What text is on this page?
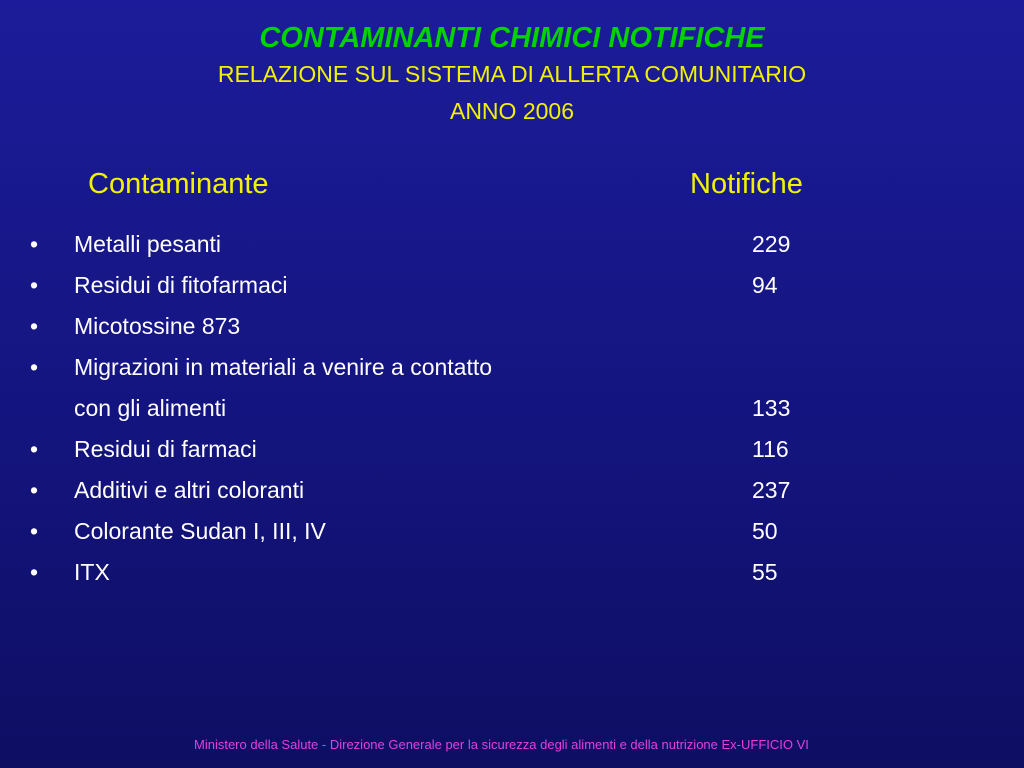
CONTAMINANTI CHIMICI NOTIFICHE
RELAZIONE SUL SISTEMA DI ALLERTA COMUNITARIO
ANNO 2006
Contaminante	Notifiche
• Metalli pesanti	229
• Residui di fitofarmaci	94
• Micotossine 873
• Migrazioni in materiali a venire a contatto
con gli alimenti	133
• Residui di farmaci	116
• Additivi e altri coloranti	237
• Colorante Sudan I, III, IV	50
• ITX	55
Ministero della Salute - Direzione Generale per la sicurezza degli alimenti e della nutrizione Ex-UFFICIO VI
